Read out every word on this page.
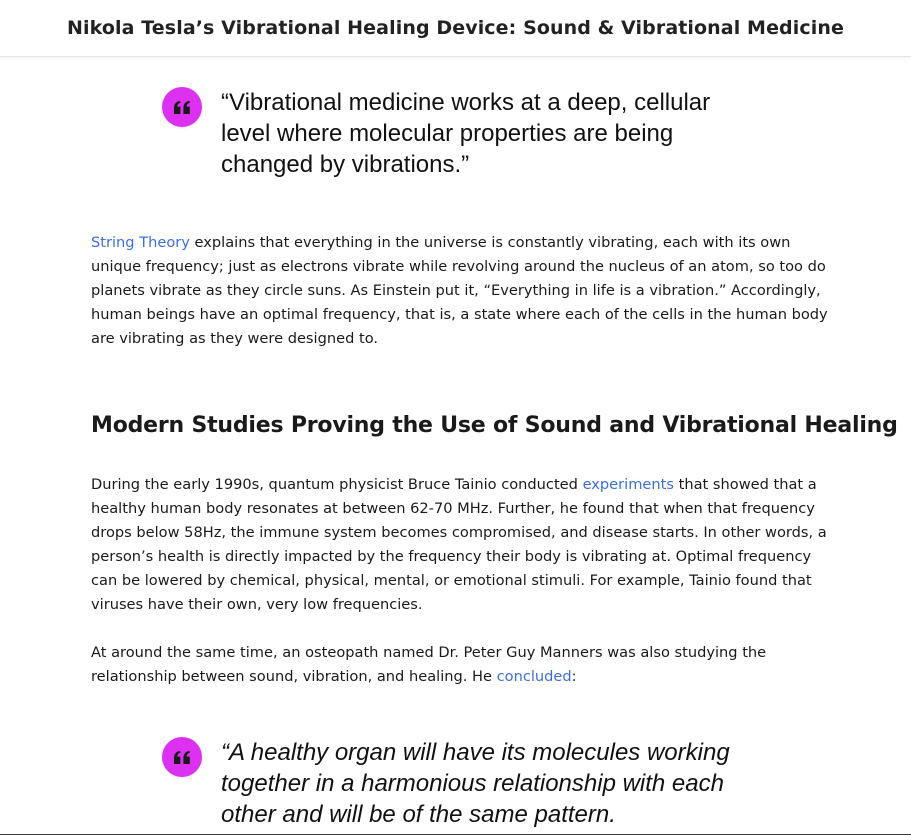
Nikola Tesla’s Vibrational Healing Device: Sound & Vibrational Medicine
“Vibrational medicine works at a deep, cellular level where molecular properties are being changed by vibrations.”

String Theory explains that everything in the universe is constantly vibrating, each with its own unique frequency; just as electrons vibrate while revolving around the nucleus of an atom, so too do planets vibrate as they circle suns. As Einstein put it, “Everything in life is a vibration.” Accordingly, human beings have an optimal frequency, that is, a state where each of the cells in the human body are vibrating as they were designed to.

Modern Studies Proving the Use of Sound and Vibrational Healing

During the early 1990s, quantum physicist Bruce Tainio conducted experiments that showed that a healthy human body resonates at between 62-70 MHz. Further, he found that when that frequency drops below 58Hz, the immune system becomes compromised, and disease starts. In other words, a person’s health is directly impacted by the frequency their body is vibrating at. Optimal frequency can be lowered by chemical, physical, mental, or emotional stimuli. For example, Tainio found that viruses have their own, very low frequencies.

At around the same time, an osteopath named Dr. Peter Guy Manners was also studying the relationship between sound, vibration, and healing. He concluded:

“A healthy organ will have its molecules working together in a harmonious relationship with each other and will be of the same pattern.
